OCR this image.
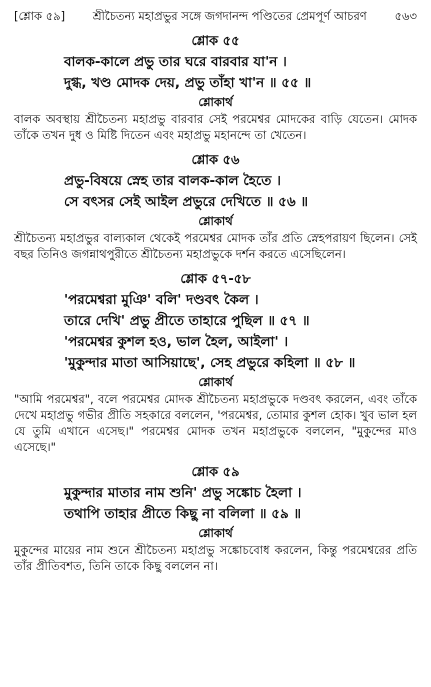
[শ্লোক ৫৯]	শ্রীচৈতন্য মহাপ্রভুর সঙ্গে জগদানন্দ পণ্ডিতের প্রেমপূর্ণ আচরণ	৫৬৩
শ্লোক ৫৫
বালক-কালে প্রভু তার ঘরে বারবার যা'ন ।
দুগ্ধ, খণ্ড মোদক দেয়, প্রভু তাঁহা খা'ন ॥ ৫৫ ॥
শ্লোকার্থ

বালক অবস্থায় শ্রীচৈতন্য মহাপ্রভু বারবার সেই পরমেশ্বর মোদকের বাড়ি যেতেন। মোদক তাঁকে তখন দুধ ও মিষ্টি দিতেন এবং মহাপ্রভু মহানন্দে তা খেতেন।

শ্লোক ৫৬
প্রভু-বিষয়ে স্নেহ তার বালক-কাল হৈতে ।
সে বৎসর সেই আইল প্রভুরে দেখিতে ॥ ৫৬ ॥
শ্লোকার্থ

শ্রীচৈতন্য মহাপ্রভুর বাল্যকাল থেকেই পরমেশ্বর মোদক তাঁর প্রতি স্নেহপরায়ণ ছিলেন। সেই বছর তিনিও জগন্নাথপুরীতে শ্রীচৈতন্য মহাপ্রভুকে দর্শন করতে এসেছিলেন।

শ্লোক ৫৭-৫৮
'পরমেশ্বরা মুঞি' বলি' দণ্ডবৎ কৈল ।
তারে দেখি' প্রভু প্রীতে তাহারে পুছিল ॥ ৫৭ ॥
'পরমেশ্বর কুশল হও, ভাল হৈল, আইলা' ।
'মুকুন্দার মাতা আসিয়াছে', সেহ প্রভুরে কহিলা ॥ ৫৮ ॥
শ্লোকার্থ

"আমি পরমেশ্বর", বলে পরমেশ্বর মোদক শ্রীচৈতন্য মহাপ্রভুকে দণ্ডবৎ করলেন, এবং তাঁকে দেখে মহাপ্রভু গভীর প্রীতি সহকারে বললেন, 'পরমেশ্বর, তোমার কুশল হোক। খুব ভাল হল যে তুমি এখানে এসেছ।" পরমেশ্বর মোদক তখন মহাপ্রভুকে বললেন, "মুকুন্দের মাও এসেছে।"

শ্লোক ৫৯
মুকুন্দার মাতার নাম শুনি' প্রভু সঙ্কোচ হৈলা ।
তথাপি তাহার প্রীতে কিছু না বলিলা ॥ ৫৯ ॥
শ্লোকার্থ

মুকুন্দের মায়ের নাম শুনে শ্রীচৈতন্য মহাপ্রভু সঙ্কোচবোধ করলেন, কিন্তু পরমেশ্বরের প্রতি তাঁর প্রীতিবশত, তিনি তাকে কিছু বললেন না।
